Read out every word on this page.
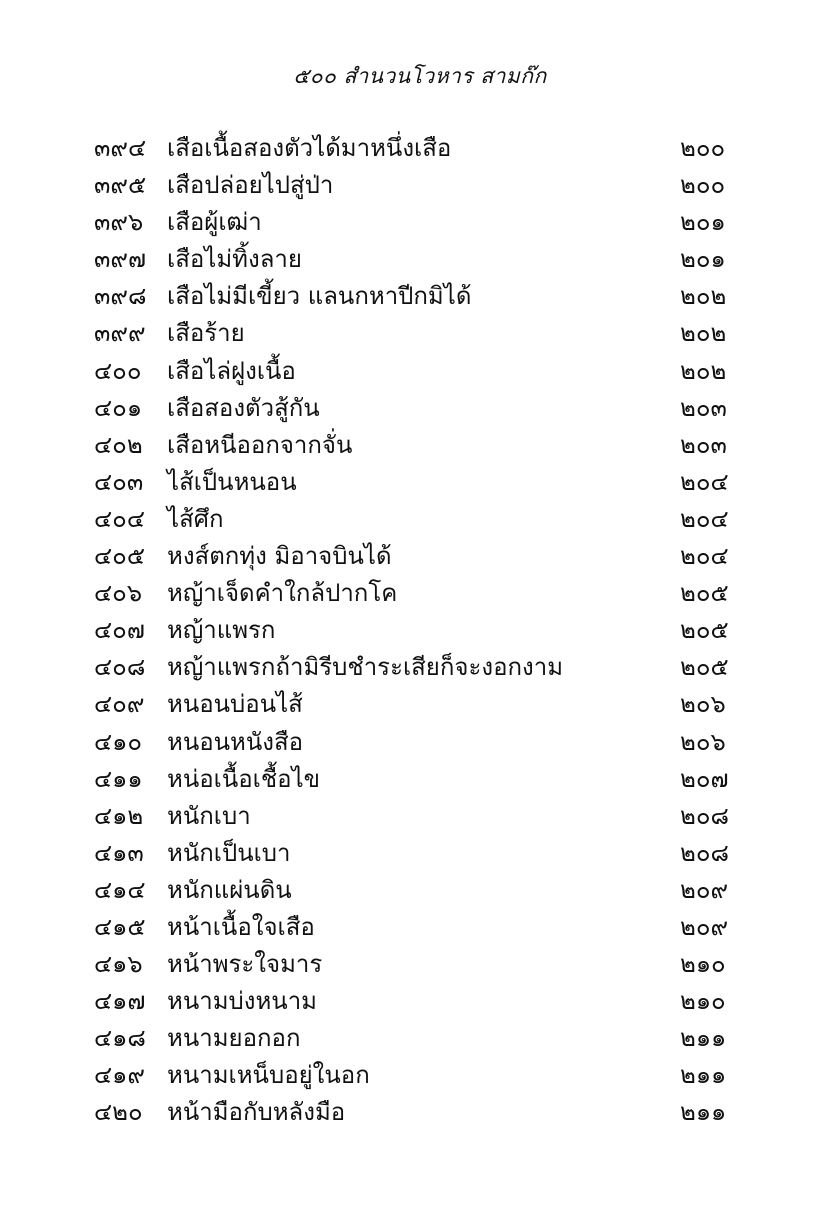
๕๐๐ สำนวนโวหาร สามก๊ก
๓๙๔ เสือเนื้อสองตัวได้มาหนึ่งเสือ	๒๐๐
๓๙๕ เสือปล่อยไปสู่ป่า	๒๐๐
๓๙๖ เสือผู้เฒ่า	๒๐๑
๓๙๗ เสือไม่ทิ้งลาย	๒๐๑
๓๙๘ เสือไม่มีเขี้ยว แลนกหาปีกมิได้	๒๐๒
๓๙๙ เสือร้าย	๒๐๒
๔๐๐	เสือไล่ฝูงเนื้อ	๒๐๒
๔๐๑	เสือสองตัวสู้กัน	๒๐๓
๔๐๒	เสือหนีออกจากจั่น	๒๐๓
๔๐๓ ไส้เป็นหนอน	๒๐๔
๔๐๔ ไส้ศึก	๒๐๔
๔๐๕ หงส์ตกทุ่ง มิอาจบินได้	๒๐๔
๔๐๖	หญ้าเจ็ดคำใกล้ปากโค	๒๐๕
๔๐๗ หญ้าแพรก	๒๐๕
๔๐๘ หญ้าแพรกถ้ามิรีบชำระเสียก็จะงอกงาม	๒๐๕
๔๐๙ หนอนบ่อนไส้	๒๐๖
๔๑๐	หนอนหนังสือ	๒๐๖
๔๑๑	หน่อเนื้อเชื้อไข	๒๐๗
๔๑๒ หนักเบา	๒๐๘
๔๑๓ หนักเป็นเบา	๒๐๘
๔๑๔ หนักแผ่นดิน	๒๐๙
๔๑๕ หน้าเนื้อใจเสือ	๒๐๙
๔๑๖	หน้าพระใจมาร	๒๑๐
๔๑๗ หนามบ่งหนาม	๒๑๐
๔๑๘ หนามยอกอก	๒๑๑
๔๑๙ หนามเหน็บอยู่ในอก	๒๑๑
๔๒๐	หน้ามือกับหลังมือ	๒๑๑
